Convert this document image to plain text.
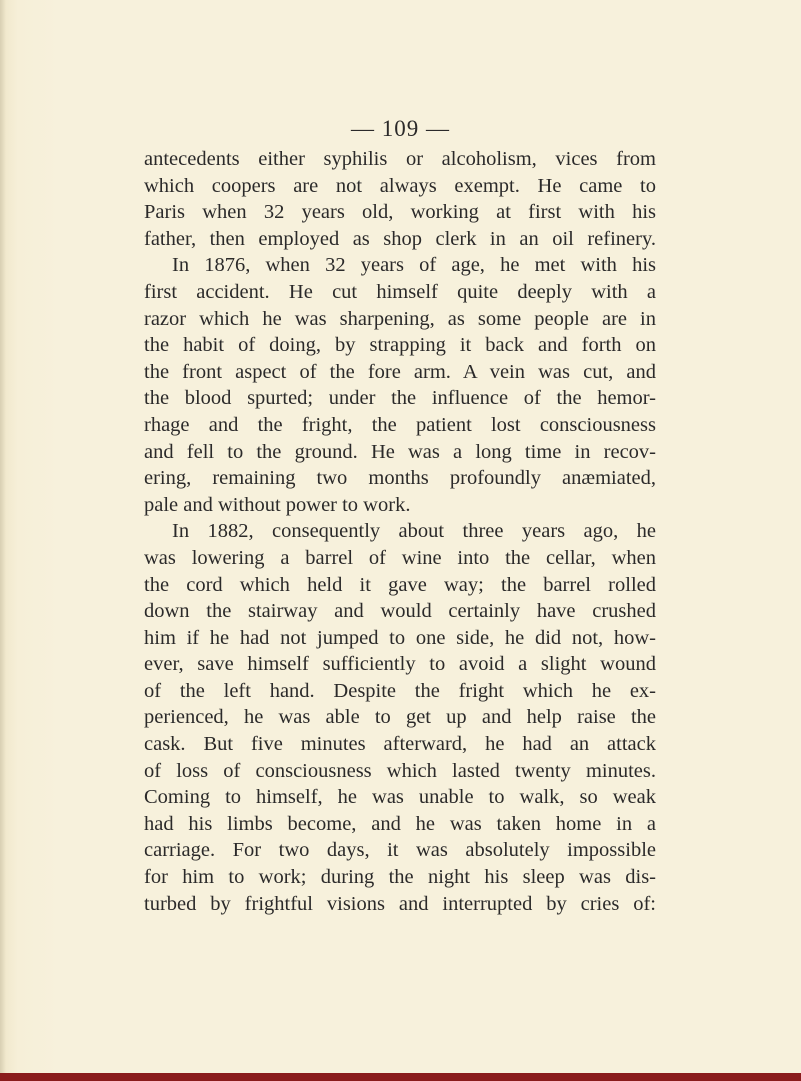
— 109 —
antecedents either syphilis or alcoholism, vices from
which coopers are not always exempt. He came to
Paris when 32 years old, working at first with his
father, then employed as shop clerk in an oil refinery.
In 1876, when 32 years of age, he met with his
first accident. He cut himself quite deeply with a
razor which he was sharpening, as some people are in
the habit of doing, by strapping it back and forth on
the front aspect of the fore arm. A vein was cut, and
the blood spurted; under the influence of the hemor-
rhage and the fright, the patient lost consciousness
and fell to the ground. He was a long time in recov-
ering, remaining two months profoundly anæmiated,
pale and without power to work.
In 1882, consequently about three years ago, he
was lowering a barrel of wine into the cellar, when
the cord which held it gave way; the barrel rolled
down the stairway and would certainly have crushed
him if he had not jumped to one side, he did not, how-
ever, save himself sufficiently to avoid a slight wound
of the left hand. Despite the fright which he ex-
perienced, he was able to get up and help raise the
cask. But five minutes afterward, he had an attack
of loss of consciousness which lasted twenty minutes.
Coming to himself, he was unable to walk, so weak
had his limbs become, and he was taken home in a
carriage. For two days, it was absolutely impossible
for him to work; during the night his sleep was dis-
turbed by frightful visions and interrupted by cries of:
